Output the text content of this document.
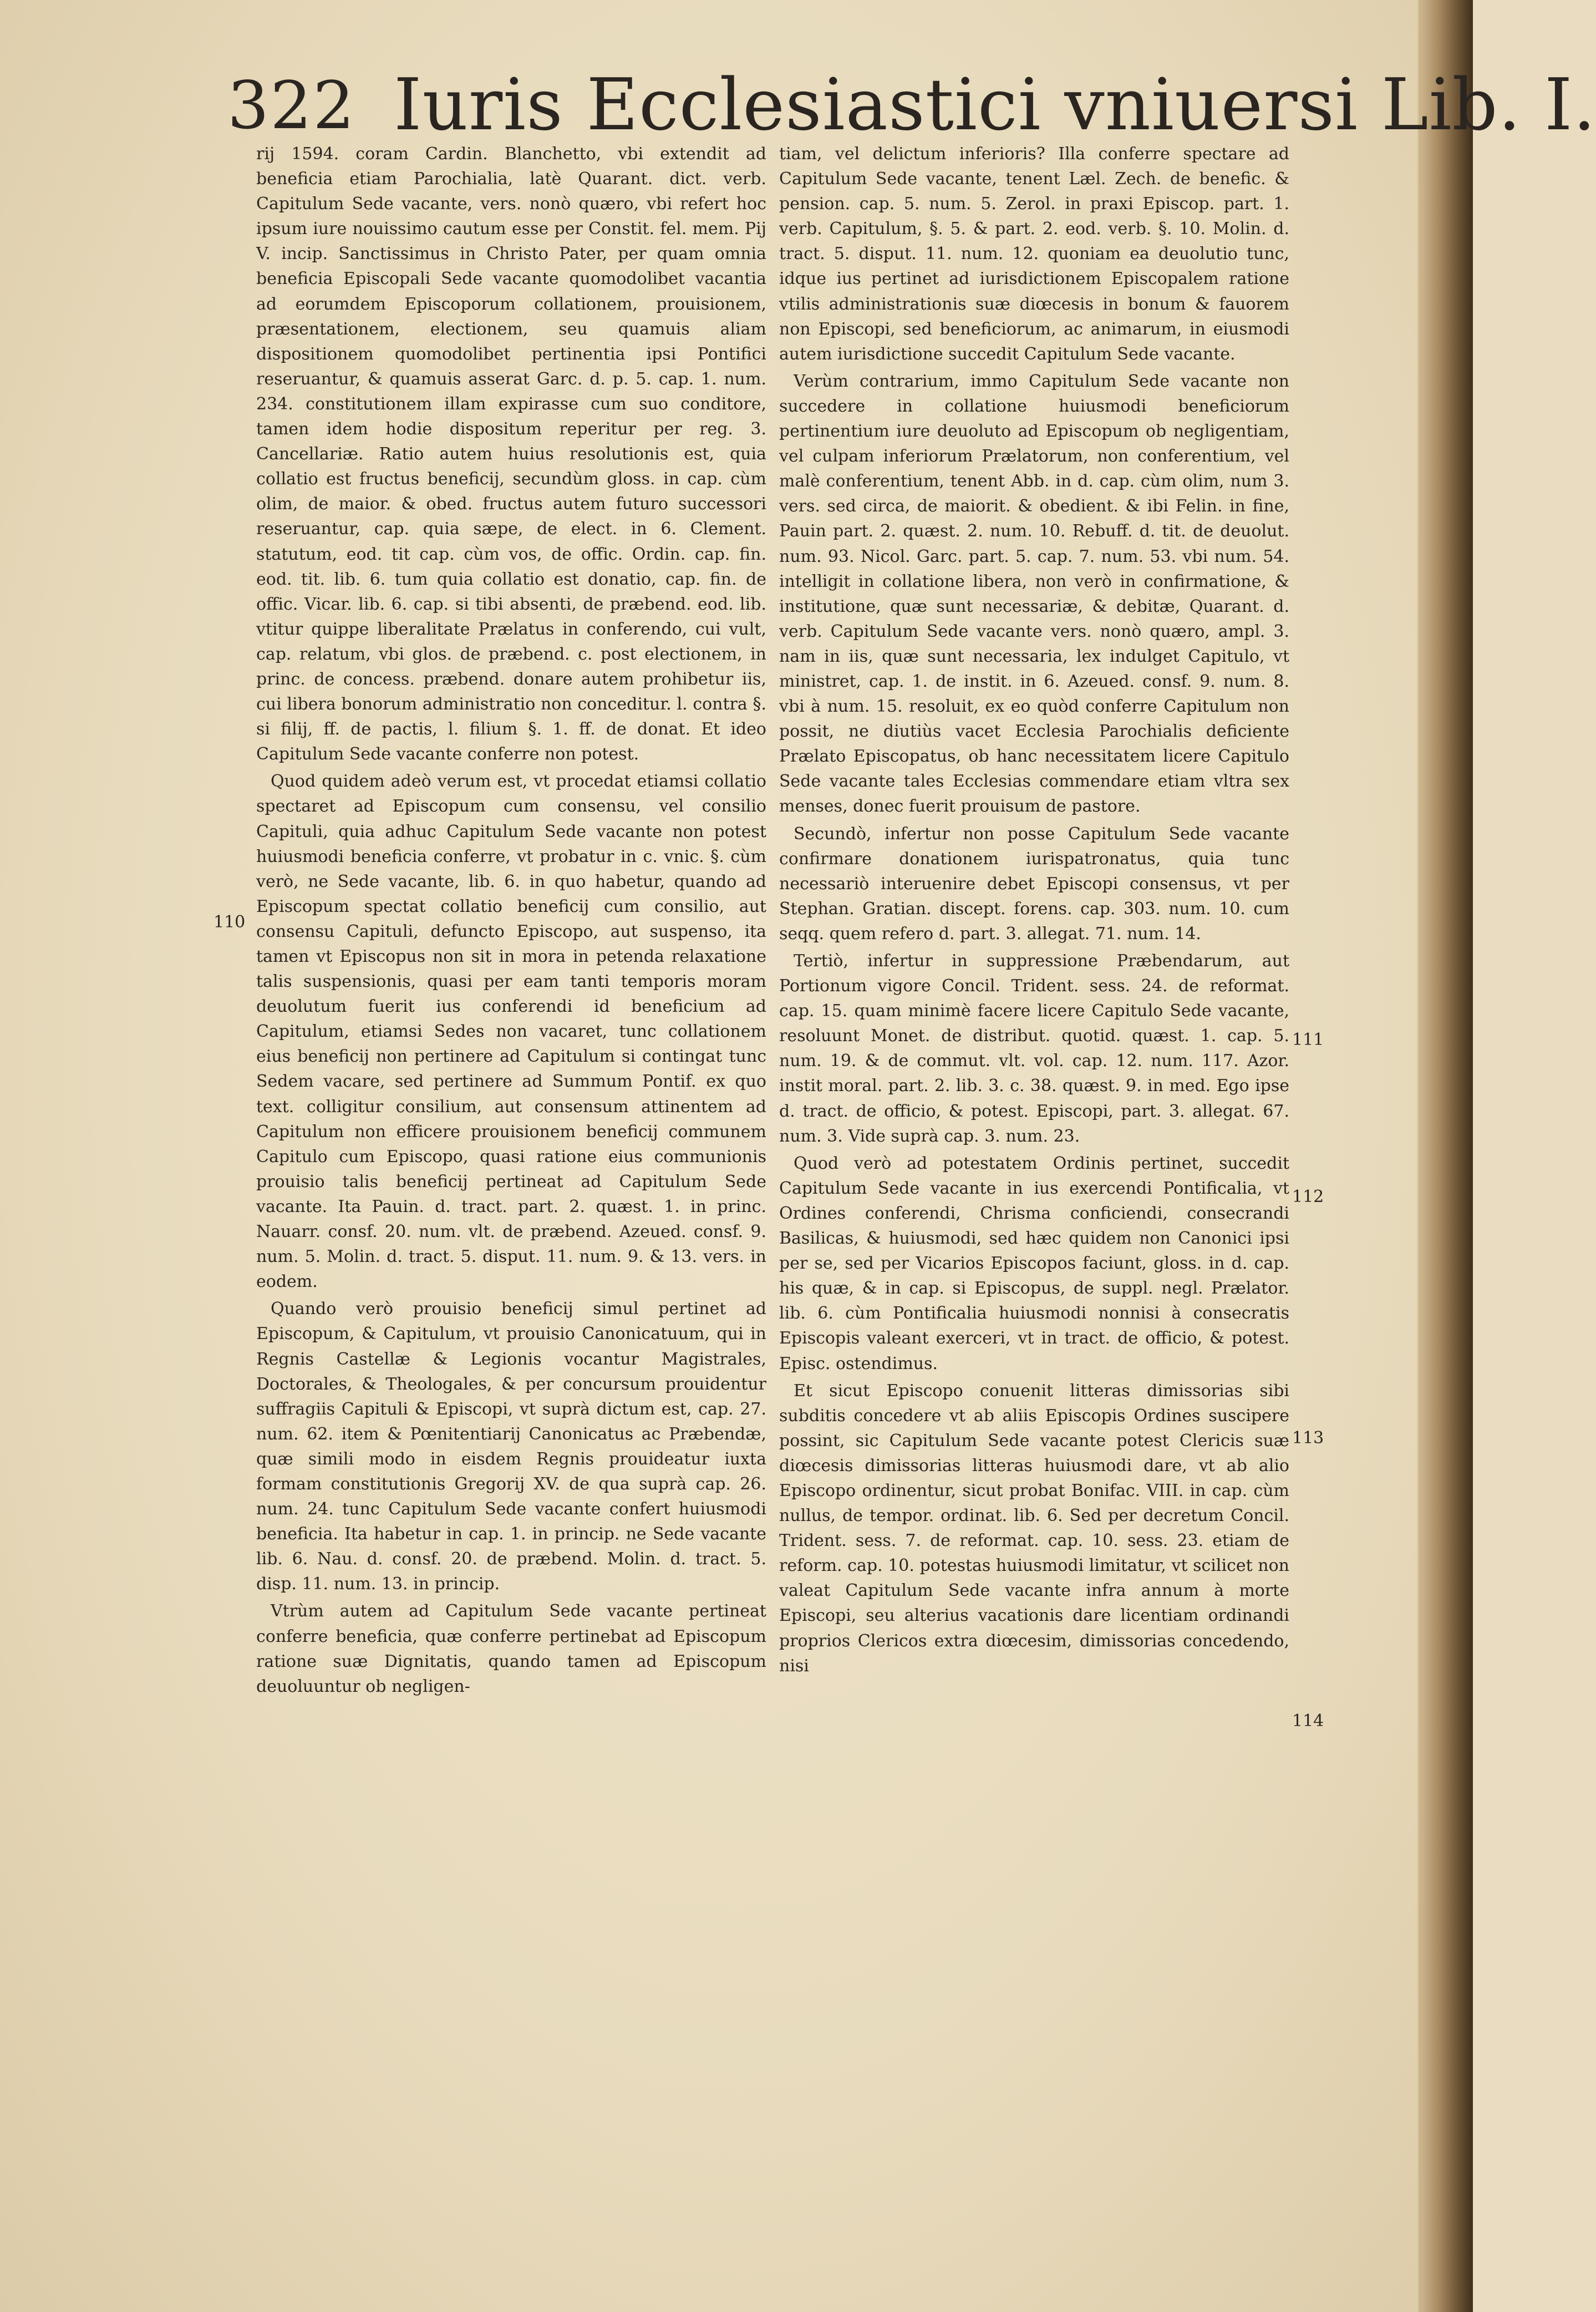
322 Iuris Ecclesiastici vniuersi Lib. I.

rij 1594. coram Cardin. Blanchetto, vbi extendit ad beneficia etiam Parochialia, latè Quarant. dict. verb. Capitulum Sede vacante, vers. nonò quæro, vbi refert hoc ipsum iure nouissimo cautum esse per Constit. fel. mem. Pij V. incip. Sanctissimus in Christo Pater, per quam omnia beneficia Episcopali Sede vacante quomodolibet vacantia ad eorumdem Episcoporum collationem, prouisionem, præsentationem, electionem, seu quamuis aliam dispositionem quomodolibet pertinentia ipsi Pontifici reseruantur, & quamuis asserat Garc. d. p. 5. cap. 1. num. 234. constitutionem illam expirasse cum suo conditore, tamen idem hodie dispositum reperitur per reg. 3. Cancellariæ. Ratio autem huius resolutionis est, quia collatio est fructus beneficij, secundùm gloss. in cap. cùm olim, de maior. & obed. fructus autem futuro successori reseruantur, cap. quia sæpe, de elect. in 6. Clement. statutum, eod. tit cap. cùm vos, de offic. Ordin. cap. fin. eod. tit. lib. 6. tum quia collatio est donatio, cap. fin. de offic. Vicar. lib. 6. cap. si tibi absenti, de præbend. eod. lib. vtitur quippe liberalitate Prælatus in conferendo, cui vult, cap. relatum, vbi glos. de præbend. c. post electionem, in princ. de concess. præbend. donare autem prohibetur iis, cui libera bonorum administratio non conceditur. l. contra §. si filij, ff. de pactis, l. filium §. 1. ff. de donat. Et ideo Capitulum Sede vacante conferre non potest.

Quod quidem adeò verum est, vt procedat etiamsi collatio spectaret ad Episcopum cum consensu, vel consilio Capituli, quia adhuc Capitulum Sede vacante non potest huiusmodi beneficia conferre, vt probatur in c. vnic. §. cùm verò, ne Sede vacante, lib. 6. in quo habetur, quando ad Episcopum spectat collatio beneficij cum consilio, aut consensu Capituli, defuncto Episcopo, aut suspenso, ita tamen vt Episcopus non sit in mora in petenda relaxatione talis suspensionis, quasi per eam tanti temporis moram deuolutum fuerit ius conferendi id beneficium ad Capitulum, etiamsi Sedes non vacaret, tunc collationem eius beneficij non pertinere ad Capitulum si contingat tunc Sedem vacare, sed pertinere ad Summum Pontif. ex quo text. colligitur consilium, aut consensum attinentem ad Capitulum non efficere prouisionem beneficij communem Capitulo cum Episcopo, quasi ratione eius communionis prouisio talis beneficij pertineat ad Capitulum Sede vacante. Ita Pauin. d. tract. part. 2. quæst. 1. in princ. Nauarr. consf. 20. num. vlt. de præbend. Azeued. consf. 9. num. 5. Molin. d. tract. 5. disput. 11. num. 9. & 13. vers. in eodem.

Quando verò prouisio beneficij simul pertinet ad Episcopum, & Capitulum, vt prouisio Canonicatuum, qui in Regnis Castellæ & Legionis vocantur Magistrales, Doctorales, & Theologales, & per concursum prouidentur suffragiis Capituli & Episcopi, vt suprà dictum est, cap. 27. num. 62. item & Pœnitentiarij Canonicatus ac Præbendæ, quæ simili modo in eisdem Regnis prouideatur iuxta formam constitutionis Gregorij XV. de qua suprà cap. 26. num. 24. tunc Capitulum Sede vacante confert huiusmodi beneficia. Ita habetur in cap. 1. in princip. ne Sede vacante lib. 6. Nau. d. consf. 20. de præbend. Molin. d. tract. 5. disp. 11. num. 13. in princip.

Vtrùm autem ad Capitulum Sede vacante pertineat conferre beneficia, quæ conferre pertinebat ad Episcopum ratione suæ Dignitatis, quando tamen ad Episcopum deuoluuntur ob negligen-

tiam, vel delictum inferioris? Illa conferre spectare ad Capitulum Sede vacante, tenent Læl. Zech. de benefic. & pension. cap. 5. num. 5. Zerol. in praxi Episcop. part. 1. verb. Capitulum, §. 5. & part. 2. eod. verb. §. 10. Molin. d. tract. 5. disput. 11. num. 12. quoniam ea deuolutio tunc, idque ius pertinet ad iurisdictionem Episcopalem ratione vtilis administrationis suæ diœcesis in bonum & fauorem non Episcopi, sed beneficiorum, ac animarum, in eiusmodi autem iurisdictione succedit Capitulum Sede vacante.

Verùm contrarium, immo Capitulum Sede vacante non succedere in collatione huiusmodi beneficiorum pertinentium iure deuoluto ad Episcopum ob negligentiam, vel culpam inferiorum Prælatorum, non conferentium, vel malè conferentium, tenent Abb. in d. cap. cùm olim, num 3. vers. sed circa, de maiorit. & obedient. & ibi Felin. in fine, Pauin part. 2. quæst. 2. num. 10. Rebuff. d. tit. de deuolut. num. 93. Nicol. Garc. part. 5. cap. 7. num. 53. vbi num. 54. intelligit in collatione libera, non verò in confirmatione, & institutione, quæ sunt necessariæ, & debitæ, Quarant. d. verb. Capitulum Sede vacante vers. nonò quæro, ampl. 3. nam in iis, quæ sunt necessaria, lex indulget Capitulo, vt ministret, cap. 1. de instit. in 6. Azeued. consf. 9. num. 8. vbi à num. 15. resoluit, ex eo quòd conferre Capitulum non possit, ne diutiùs vacet Ecclesia Parochialis deficiente Prælato Episcopatus, ob hanc necessitatem licere Capitulo Sede vacante tales Ecclesias commendare etiam vltra sex menses, donec fuerit prouisum de pastore.

Secundò, infertur non posse Capitulum Sede vacante confirmare donationem iurispatronatus, quia tunc necessariò interuenire debet Episcopi consensus, vt per Stephan. Gratian. discept. forens. cap. 303. num. 10. cum seqq. quem refero d. part. 3. allegat. 71. num. 14.

Tertiò, infertur in suppressione Præbendarum, aut Portionum vigore Concil. Trident. sess. 24. de reformat. cap. 15. quam minimè facere licere Capitulo Sede vacante, resoluunt Monet. de distribut. quotid. quæst. 1. cap. 5. num. 19. & de commut. vlt. vol. cap. 12. num. 117. Azor. instit moral. part. 2. lib. 3. c. 38. quæst. 9. in med. Ego ipse d. tract. de officio, & potest. Episcopi, part. 3. allegat. 67. num. 3. Vide suprà cap. 3. num. 23.

Quod verò ad potestatem Ordinis pertinet, succedit Capitulum Sede vacante in ius exercendi Pontificalia, vt Ordines conferendi, Chrisma conficiendi, consecrandi Basilicas, & huiusmodi, sed hæc quidem non Canonici ipsi per se, sed per Vicarios Episcopos faciunt, gloss. in d. cap. his quæ, & in cap. si Episcopus, de suppl. negl. Prælator. lib. 6. cùm Pontificalia huiusmodi nonnisi à consecratis Episcopis valeant exerceri, vt in tract. de officio, & potest. Episc. ostendimus.

Et sicut Episcopo conuenit litteras dimissorias sibi subditis concedere vt ab aliis Episcopis Ordines suscipere possint, sic Capitulum Sede vacante potest Clericis suæ diœcesis dimissorias litteras huiusmodi dare, vt ab alio Episcopo ordinentur, sicut probat Bonifac. VIII. in cap. cùm nullus, de tempor. ordinat. lib. 6. Sed per decretum Concil. Trident. sess. 7. de reformat. cap. 10. sess. 23. etiam de reform. cap. 10. potestas huiusmodi limitatur, vt scilicet non valeat Capitulum Sede vacante infra annum à morte Episcopi, seu alterius vacationis dare licentiam ordinandi proprios Clericos extra diœcesim, dimissorias concedendo, nisi

110
111
112
113
114
